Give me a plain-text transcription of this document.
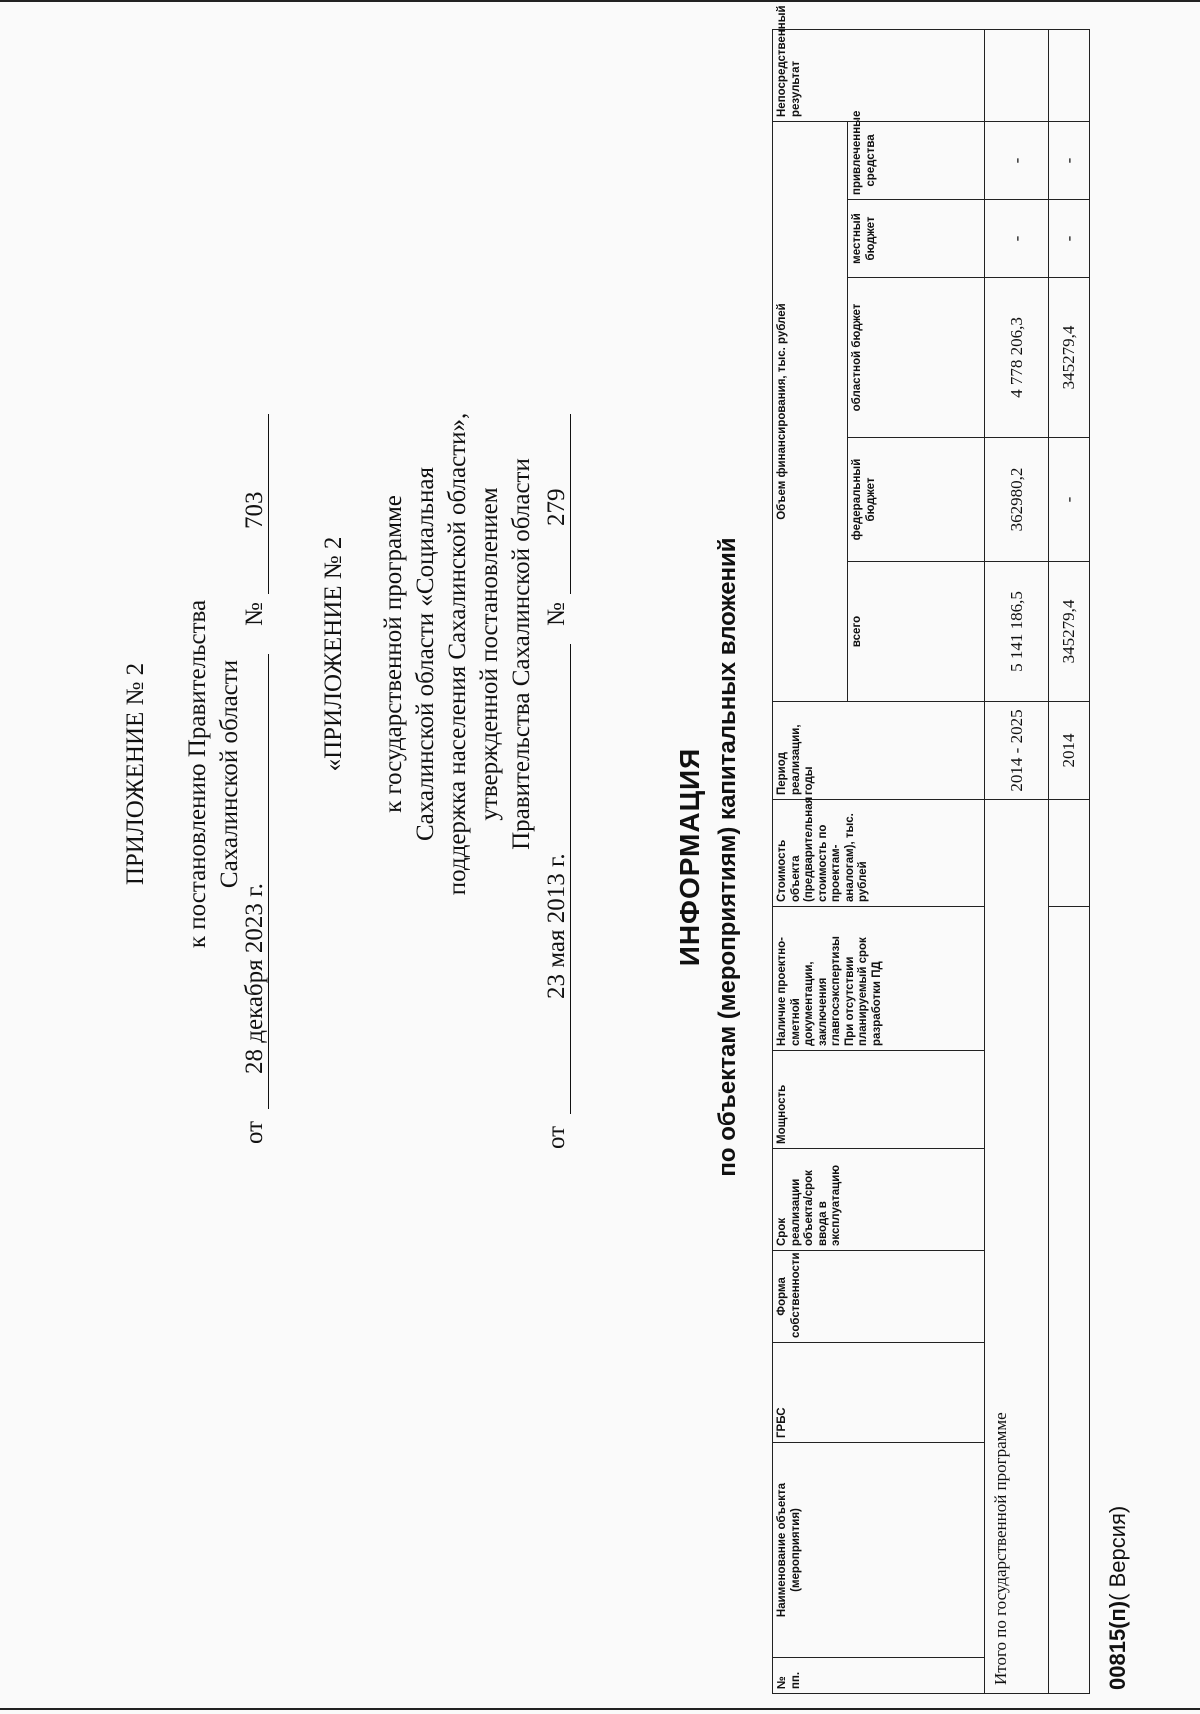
ПРИЛОЖЕНИЕ № 2	к постановлению Правительства Сахалинской области
от
28 декабря 2023 г.
№
703
«ПРИЛОЖЕНИЕ № 2	к государственной программе Сахалинской области «Социальная поддержка населения Сахалинской области», утвержденной постановлением Правительства Сахалинской области
от
23 мая 2013 г.
№
279
ИНФОРМАЦИЯ по объектам (мероприятиям) капитальных вложений
№ пп.	Наименование объекта (мероприятия)	ГРБС	Форма собственности	Срок реализации объекта/срок ввода в эксплуатацию	Мощность	Наличие проектно-сметной документации, заключения главгосэкспертизы При отсутствии планируемый срок разработки ПД	Стоимость объекта (предварительная стоимость по проектам-аналогам), тыс. рублей	Период реализации, годы	Объем финансирования, тыс. рублей					Непосредственный результат
									всего	федеральный бюджет	областной бюджет	местный бюджет	привлеченные средства	
Итого по государственной программе								2014 - 2025	5 141 186,5	362980,2	4 778 206,3	-	-	
								2014	345279,4	-	345279,4	-	-	
00815(п)( Версия)
